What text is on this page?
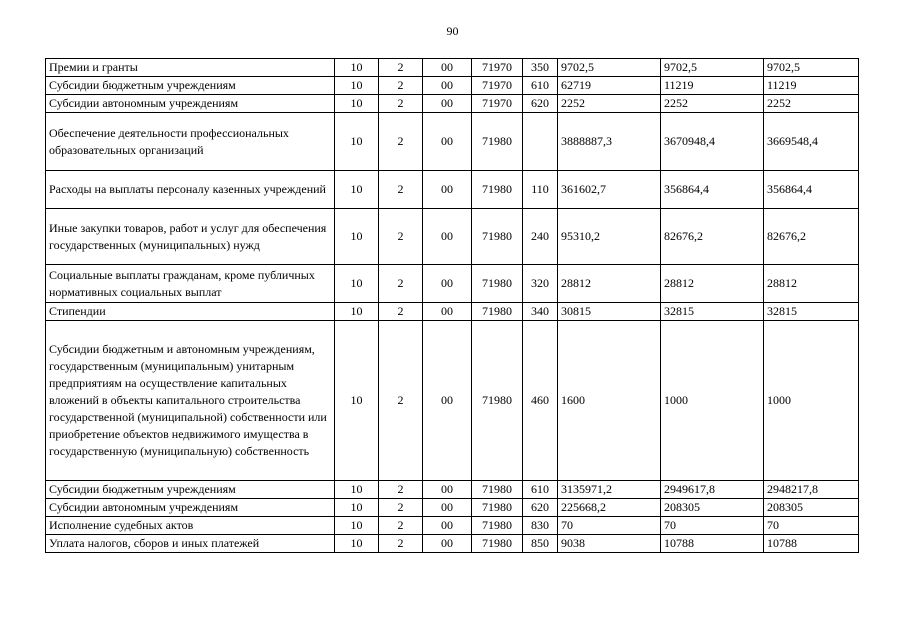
90
Премии и гранты	10	2	00	71970	350	9702,5	9702,5	9702,5
Субсидии бюджетным учреждениям	10	2	00	71970	610	62719	11219	11219
Субсидии автономным учреждениям	10	2	00	71970	620	2252	2252	2252
Обеспечение деятельности профессиональных образовательных организаций	10	2	00	71980		3888887,3	3670948,4	3669548,4
Расходы на выплаты персоналу казенных учреждений	10	2	00	71980	110	361602,7	356864,4	356864,4
Иные закупки товаров, работ и услуг для обеспечения государственных (муниципальных) нужд	10	2	00	71980	240	95310,2	82676,2	82676,2
Социальные выплаты гражданам, кроме публичных нормативных социальных выплат	10	2	00	71980	320	28812	28812	28812
Стипендии	10	2	00	71980	340	30815	32815	32815
Субсидии бюджетным и автономным учреждениям, государственным (муниципальным) унитарным предприятиям на осуществление капитальных вложений в объекты капитального строительства государственной (муниципальной) собственности или приобретение объектов недвижимого имущества в государственную (муниципальную) собственность	10	2	00	71980	460	1600	1000	1000
Субсидии бюджетным учреждениям	10	2	00	71980	610	3135971,2	2949617,8	2948217,8
Субсидии автономным учреждениям	10	2	00	71980	620	225668,2	208305	208305
Исполнение судебных актов	10	2	00	71980	830	70	70	70
Уплата налогов, сборов и иных платежей	10	2	00	71980	850	9038	10788	10788
